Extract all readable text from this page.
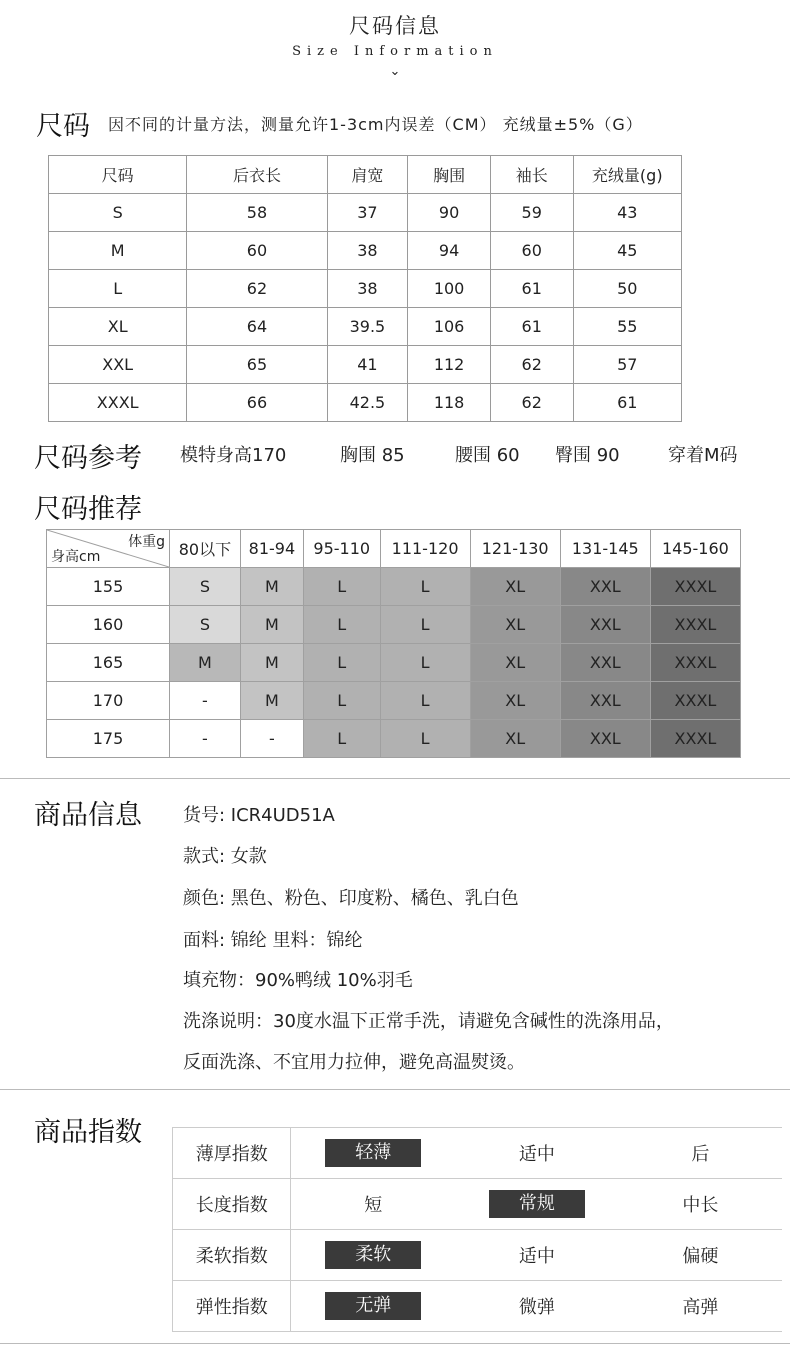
尺码信息
Size Information
⌄
尺码 因不同的计量方法，测量允许1-3cm内误差（CM） 充绒量±5%（G）
尺码	后衣长	肩宽	胸围	袖长	充绒量(g)
S	58	37	90	59	43
M	60	38	94	60	45
L	62	38	100	61	50
XL	64	39.5	106	61	55
XXL	65	41	112	62	57
XXXL	66	42.5	118	62	61
尺码参考 模特身高170	胸围 85	腰围 60 臀围 90	穿着M码
尺码推荐
体重g
身高cm	80以下	81-94	95-110	111-120	121-130	131-145	145-160
155	S	M	L	L	XL	XXL	XXXL
160	S	M	L	L	XL	XXL	XXXL
165	M	M	L	L	XL	XXL	XXXL
170	-	M	L	L	XL	XXL	XXXL
175	-	-	L	L	XL	XXL	XXXL
商品信息 货号: ICR4UD51A
款式: 女款
颜色: 黑色、粉色、印度粉、橘色、乳白色
面料: 锦纶 里料：锦纶
填充物：90%鸭绒 10%羽毛
洗涤说明：30度水温下正常手洗，请避免含碱性的洗涤用品，
反面洗涤、不宜用力拉伸，避免高温熨烫。
商品指数
薄厚指数	轻薄	适中	后
长度指数	短	常规	中长
柔软指数	柔软	适中	偏硬
弹性指数	无弹	微弹	高弹
